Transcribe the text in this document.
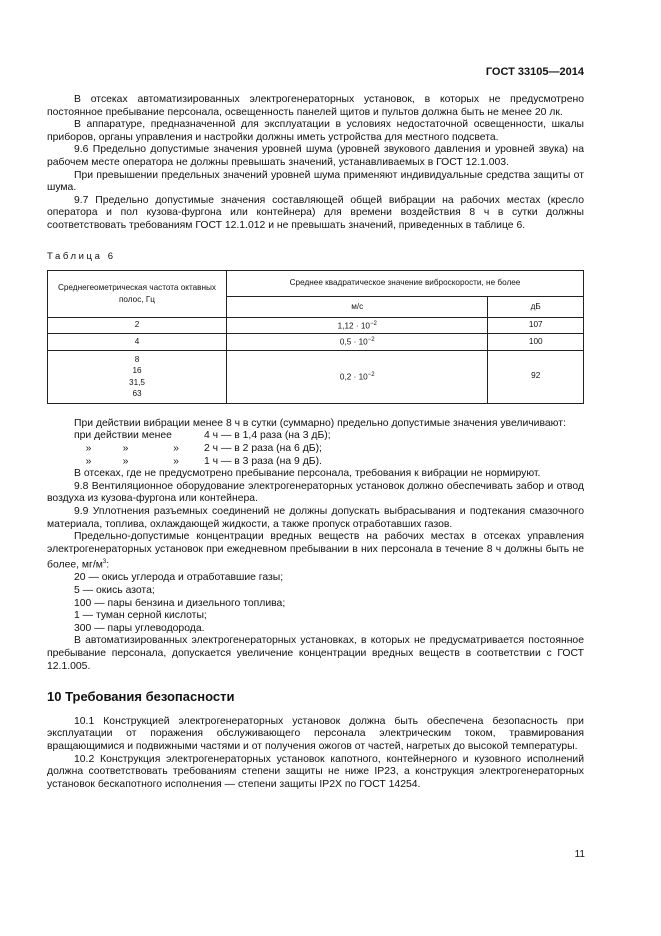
ГОСТ 33105—2014

В отсеках автоматизированных электрогенераторных установок, в которых не предусмотрено постоянное пребывание персонала, освещенность панелей щитов и пультов должна быть не менее 20 лк.

В аппаратуре, предназначенной для эксплуатации в условиях недостаточной освещенности, шкалы приборов, органы управления и настройки должны иметь устройства для местного подсвета.

9.6 Предельно допустимые значения уровней шума (уровней звукового давления и уровней звука) на рабочем месте оператора не должны превышать значений, устанавливаемых в ГОСТ 12.1.003.

При превышении предельных значений уровней шума применяют индивидуальные средства защиты от шума.

9.7 Предельно допустимые значения составляющей общей вибрации на рабочих местах (кресло оператора и пол кузова-фургона или контейнера) для времени воздействия 8 ч в сутки должны соответствовать требованиям ГОСТ 12.1.012 и не превышать значений, приведенных в таблице 6.

Таблица 6
Среднегеометрическая частота октавных полос, Гц	Среднее квадратическое значение виброскорости, не более	
	м/с	дБ
2	$1,12 \cdot 10^{-2}$	107
4	$0,5 \cdot 10^{-2}$	100

8
16
31,5
63	$0,2 \cdot 10^{-2}$	92

При действии вибрации менее 8 ч в сутки (суммарно) предельно допустимые значения увеличивают:

при действии менее	4 ч — в 1,4 раза (на 3 дБ);
»	»	»	2 ч — в 2 раза (на 6 дБ);
»	»	»	1 ч — в 3 раза (на 9 дБ).

В отсеках, где не предусмотрено пребывание персонала, требования к вибрации не нормируют.

9.8 Вентиляционное оборудование электрогенераторных установок должно обеспечивать забор и отвод воздуха из кузова-фургона или контейнера.

9.9 Уплотнения разъемных соединений не должны допускать выбрасывания и подтекания смазочного материала, топлива, охлаждающей жидкости, а также пропуск отработавших газов.

Предельно-допустимые концентрации вредных веществ на рабочих местах в отсеках управления электрогенераторных установок при ежедневном пребывании в них персонала в течение 8 ч должны быть не более, $мг/м^3$:

20 — окись углерода и отработавшие газы;

5 — окись азота;

100 — пары бензина и дизельного топлива;

1 — туман серной кислоты;

300 — пары углеводорода.

В автоматизированных электрогенераторных установках, в которых не предусматривается постоянное пребывание персонала, допускается увеличение концентрации вредных веществ в соответствии с ГОСТ 12.1.005.

10 Требования безопасности

10.1 Конструкцией электрогенераторных установок должна быть обеспечена безопасность при эксплуатации от поражения обслуживающего персонала электрическим током, травмирования вращающимися и подвижными частями и от получения ожогов от частей, нагретых до высокой температуры.

10.2 Конструкция электрогенераторных установок капотного, контейнерного и кузовного исполнений должна соответствовать требованиям степени защиты не ниже IP23, а конструкция электрогенераторных установок бескапотного исполнения — степени защиты IP2X по ГОСТ 14254.

11
